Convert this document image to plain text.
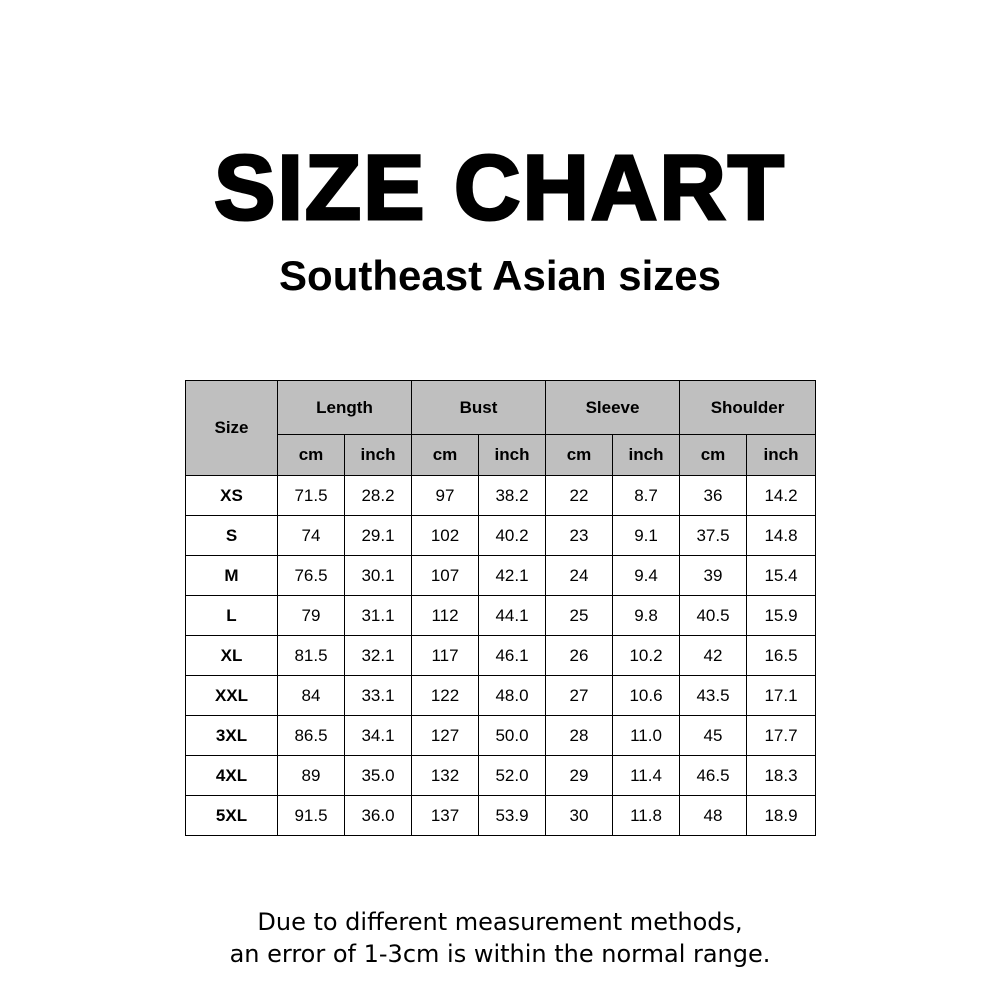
SIZE CHART
Southeast Asian sizes
Size	Length		Bust		Sleeve		Shoulder	
	cm	inch	cm	inch	cm	inch	cm	inch
XS	71.5	28.2	97	38.2	22	8.7	36	14.2
S	74	29.1	102	40.2	23	9.1	37.5	14.8
M	76.5	30.1	107	42.1	24	9.4	39	15.4
L	79	31.1	112	44.1	25	9.8	40.5	15.9
XL	81.5	32.1	117	46.1	26	10.2	42	16.5
XXL	84	33.1	122	48.0	27	10.6	43.5	17.1
3XL	86.5	34.1	127	50.0	28	11.0	45	17.7
4XL	89	35.0	132	52.0	29	11.4	46.5	18.3
5XL	91.5	36.0	137	53.9	30	11.8	48	18.9
Due to different measurement methods,
an error of 1-3cm is within the normal range.
